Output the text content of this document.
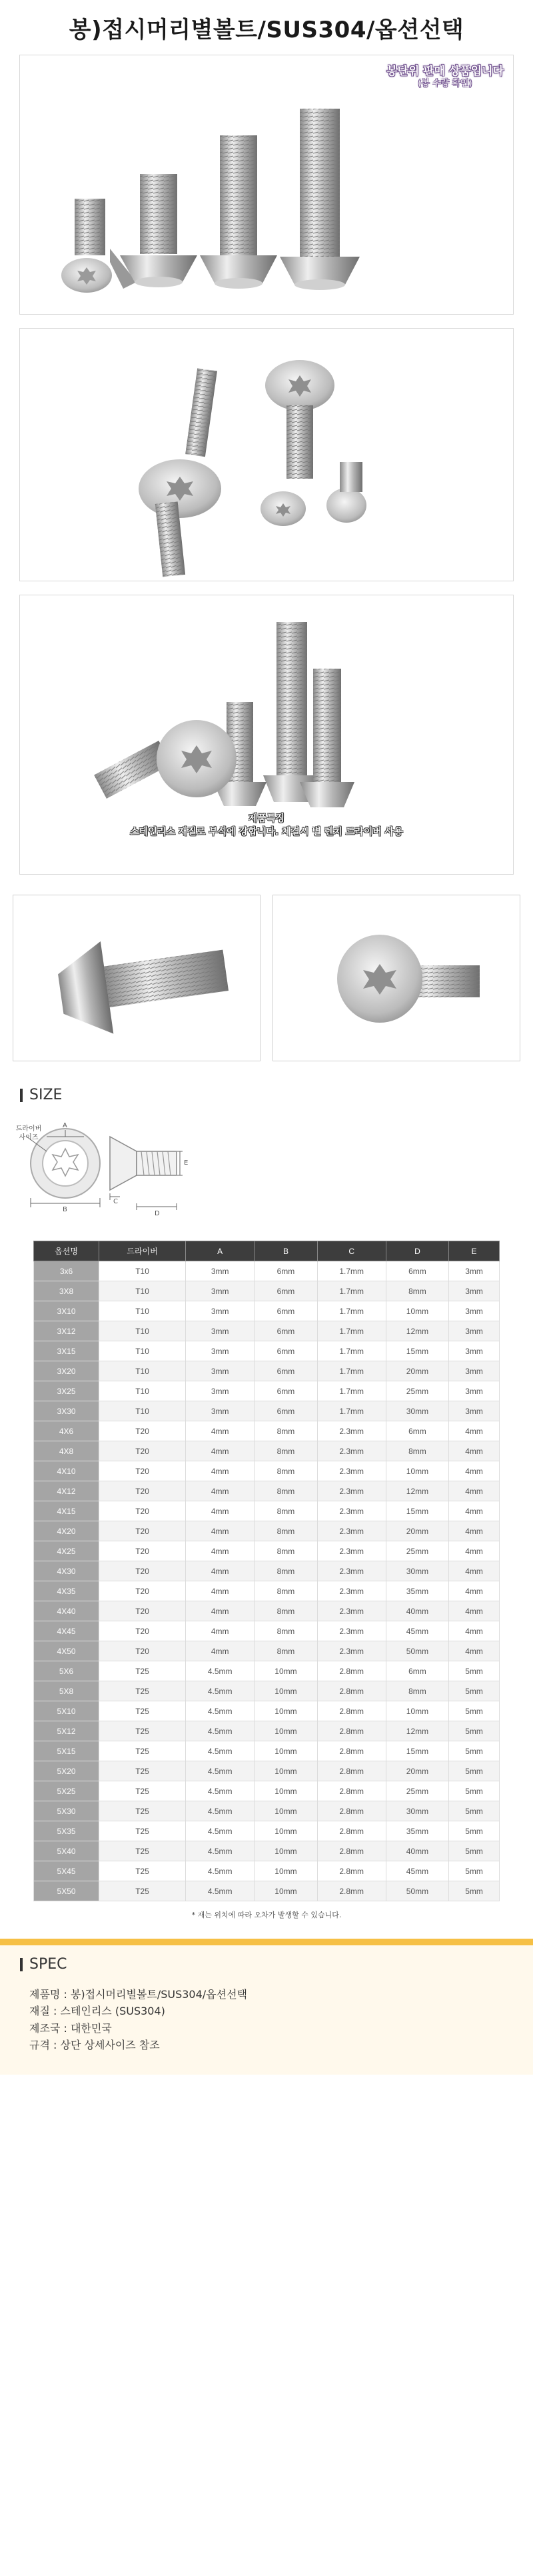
봉)접시머리별볼트/SUS304/옵션선택
봉단위 판매 상품입니다
(봉 수량 확인)
제품특징
스테인리스 재질로 부식에 강합니다. 체결시 별 렌치 드라이버 사용
SIZE
드라이버
사이즈
A
B
C
D
E
옵션명	드라이버	A	B	C	D	E
3x6	T10	3mm	6mm	1.7mm	6mm	3mm
3X8	T10	3mm	6mm	1.7mm	8mm	3mm
3X10	T10	3mm	6mm	1.7mm	10mm	3mm
3X12	T10	3mm	6mm	1.7mm	12mm	3mm
3X15	T10	3mm	6mm	1.7mm	15mm	3mm
3X20	T10	3mm	6mm	1.7mm	20mm	3mm
3X25	T10	3mm	6mm	1.7mm	25mm	3mm
3X30	T10	3mm	6mm	1.7mm	30mm	3mm
4X6	T20	4mm	8mm	2.3mm	6mm	4mm
4X8	T20	4mm	8mm	2.3mm	8mm	4mm
4X10	T20	4mm	8mm	2.3mm	10mm	4mm
4X12	T20	4mm	8mm	2.3mm	12mm	4mm
4X15	T20	4mm	8mm	2.3mm	15mm	4mm
4X20	T20	4mm	8mm	2.3mm	20mm	4mm
4X25	T20	4mm	8mm	2.3mm	25mm	4mm
4X30	T20	4mm	8mm	2.3mm	30mm	4mm
4X35	T20	4mm	8mm	2.3mm	35mm	4mm
4X40	T20	4mm	8mm	2.3mm	40mm	4mm
4X45	T20	4mm	8mm	2.3mm	45mm	4mm
4X50	T20	4mm	8mm	2.3mm	50mm	4mm
5X6	T25	4.5mm	10mm	2.8mm	6mm	5mm
5X8	T25	4.5mm	10mm	2.8mm	8mm	5mm
5X10	T25	4.5mm	10mm	2.8mm	10mm	5mm
5X12	T25	4.5mm	10mm	2.8mm	12mm	5mm
5X15	T25	4.5mm	10mm	2.8mm	15mm	5mm
5X20	T25	4.5mm	10mm	2.8mm	20mm	5mm
5X25	T25	4.5mm	10mm	2.8mm	25mm	5mm
5X30	T25	4.5mm	10mm	2.8mm	30mm	5mm
5X35	T25	4.5mm	10mm	2.8mm	35mm	5mm
5X40	T25	4.5mm	10mm	2.8mm	40mm	5mm
5X45	T25	4.5mm	10mm	2.8mm	45mm	5mm
5X50	T25	4.5mm	10mm	2.8mm	50mm	5mm
* 재는 위치에 따라 오차가 발생할 수 있습니다.
SPEC
제품명 : 봉)접시머리별볼트/SUS304/옵션선택
재질 : 스테인리스 (SUS304)
제조국 : 대한민국
규격 : 상단 상세사이즈 참조
